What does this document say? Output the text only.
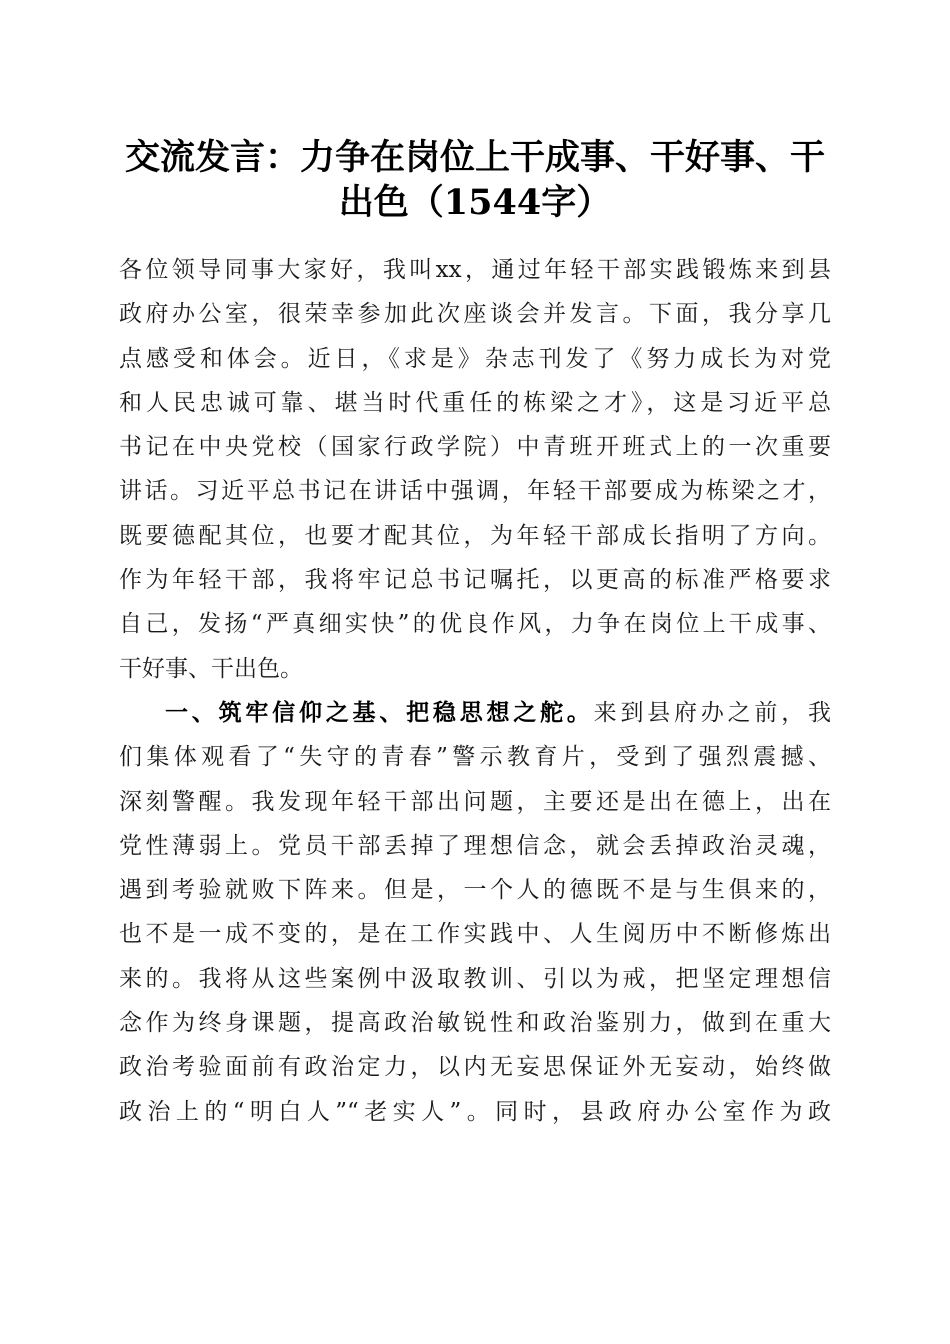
交流发言：力争在岗位上干成事、干好事、干
出色（1544字）
各位领导同事大家好，我叫xx，通过年轻干部实践锻炼来到县
政府办公室，很荣幸参加此次座谈会并发言。下面，我分享几
点感受和体会。近日，《求是》杂志刊发了《努力成长为对党
和人民忠诚可靠、堪当时代重任的栋梁之才》，这是习近平总
书记在中央党校（国家行政学院）中青班开班式上的一次重要
讲话。习近平总书记在讲话中强调，年轻干部要成为栋梁之才，
既要德配其位，也要才配其位，为年轻干部成长指明了方向。
作为年轻干部，我将牢记总书记嘱托，以更高的标准严格要求
自己，发扬“严真细实快”的优良作风，力争在岗位上干成事、
干好事、干出色。
一、筑牢信仰之基、把稳思想之舵。来到县府办之前，我
们集体观看了“失守的青春”警示教育片，受到了强烈震撼、
深刻警醒。我发现年轻干部出问题，主要还是出在德上，出在
党性薄弱上。党员干部丢掉了理想信念，就会丢掉政治灵魂，
遇到考验就败下阵来。但是，一个人的德既不是与生俱来的，
也不是一成不变的，是在工作实践中、人生阅历中不断修炼出
来的。我将从这些案例中汲取教训、引以为戒，把坚定理想信
念作为终身课题，提高政治敏锐性和政治鉴别力，做到在重大
政治考验面前有政治定力，以内无妄思保证外无妄动，始终做
政治上的“明白人”“老实人”。同时，县政府办公室作为政
